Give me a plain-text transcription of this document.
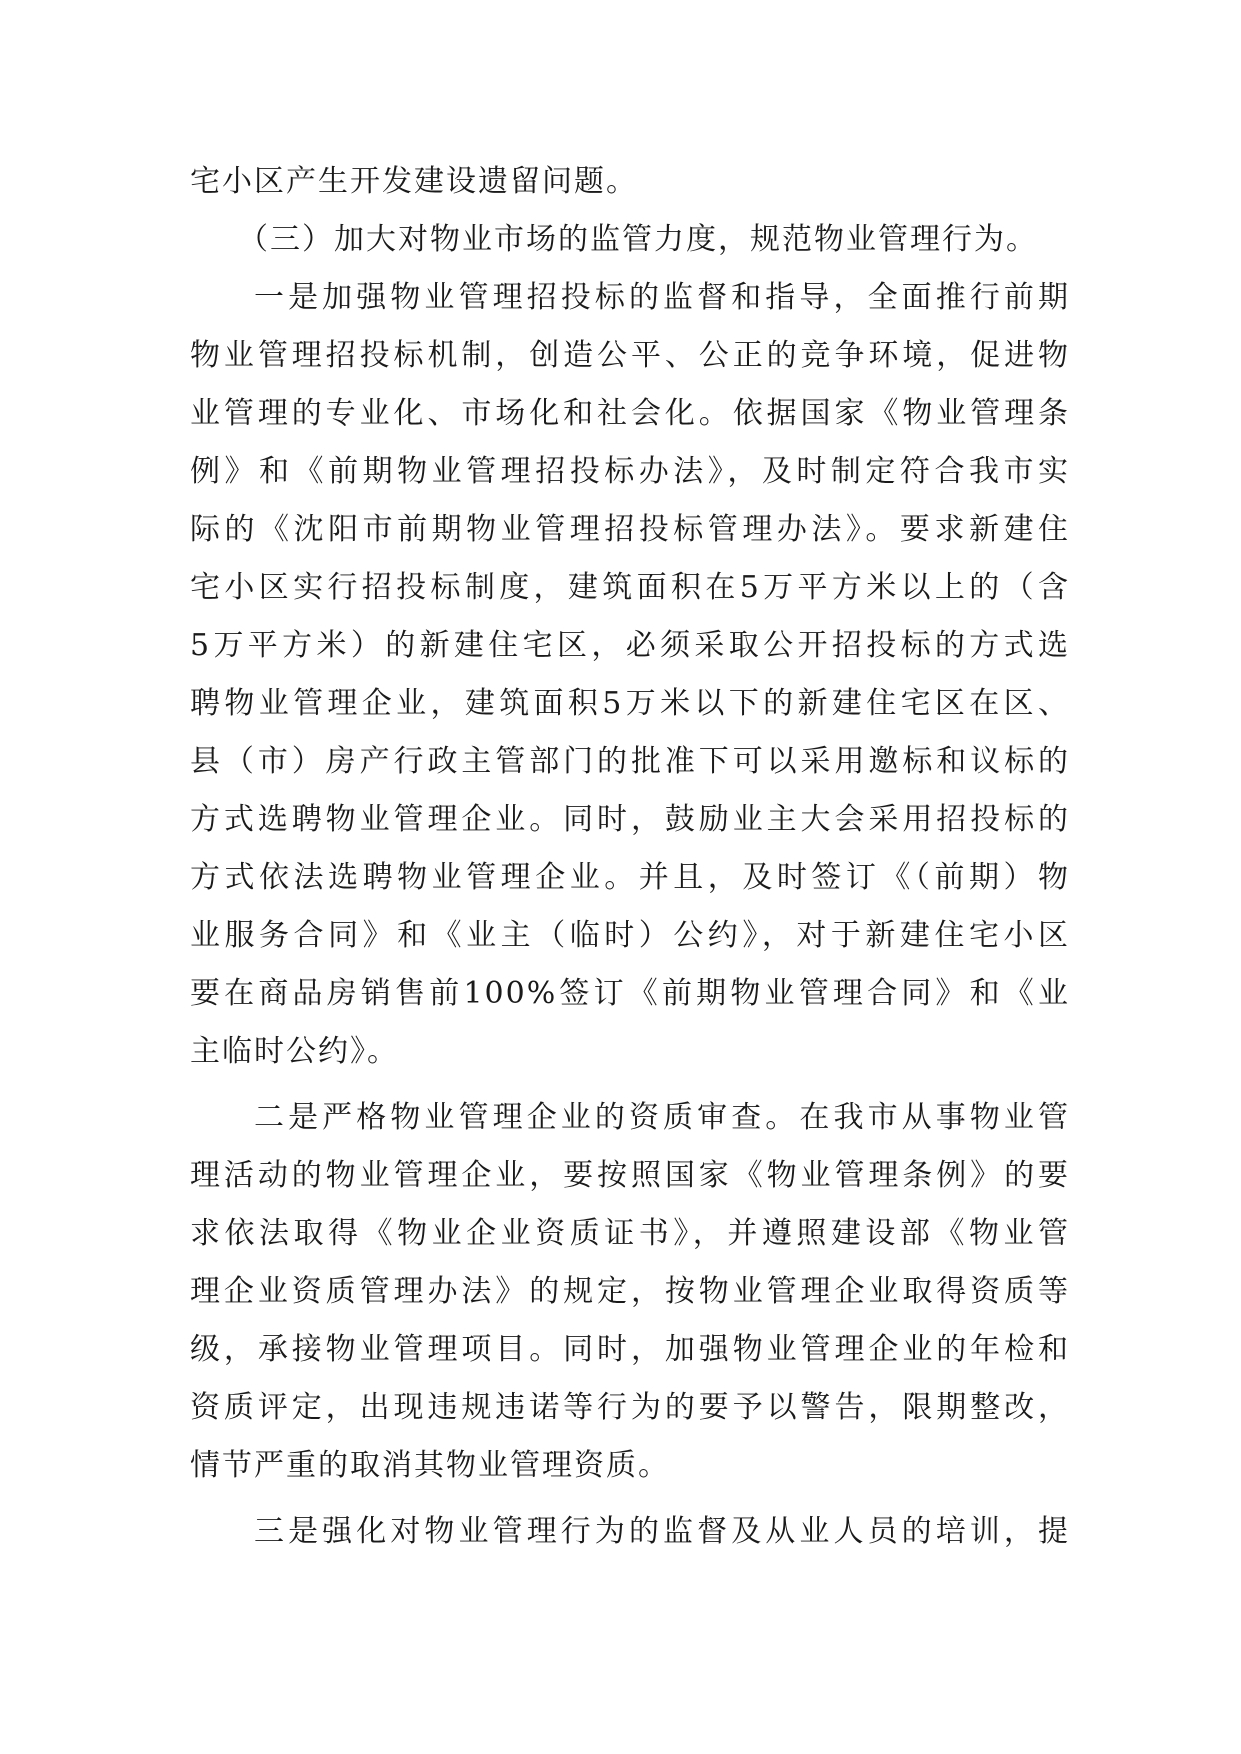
宅小区产生开发建设遗留问题。
（三）加大对物业市场的监管力度，规范物业管理行为。
一是加强物业管理招投标的监督和指导，全面推行前期
物业管理招投标机制，创造公平、公正的竞争环境，促进物
业管理的专业化、市场化和社会化。依据国家《物业管理条
例》和《前期物业管理招投标办法》，及时制定符合我市实
际的《沈阳市前期物业管理招投标管理办法》。要求新建住
宅小区实行招投标制度，建筑面积在5万平方米以上的（含
5万平方米）的新建住宅区，必须采取公开招投标的方式选
聘物业管理企业，建筑面积5万米以下的新建住宅区在区、
县（市）房产行政主管部门的批准下可以采用邀标和议标的
方式选聘物业管理企业。同时，鼓励业主大会采用招投标的
方式依法选聘物业管理企业。并且，及时签订《（前期）物
业服务合同》和《业主（临时）公约》，对于新建住宅小区
要在商品房销售前100%签订《前期物业管理合同》和《业
主临时公约》。
二是严格物业管理企业的资质审查。在我市从事物业管
理活动的物业管理企业，要按照国家《物业管理条例》的要
求依法取得《物业企业资质证书》，并遵照建设部《物业管
理企业资质管理办法》的规定，按物业管理企业取得资质等
级，承接物业管理项目。同时，加强物业管理企业的年检和
资质评定，出现违规违诺等行为的要予以警告，限期整改，
情节严重的取消其物业管理资质。
三是强化对物业管理行为的监督及从业人员的培训，提
